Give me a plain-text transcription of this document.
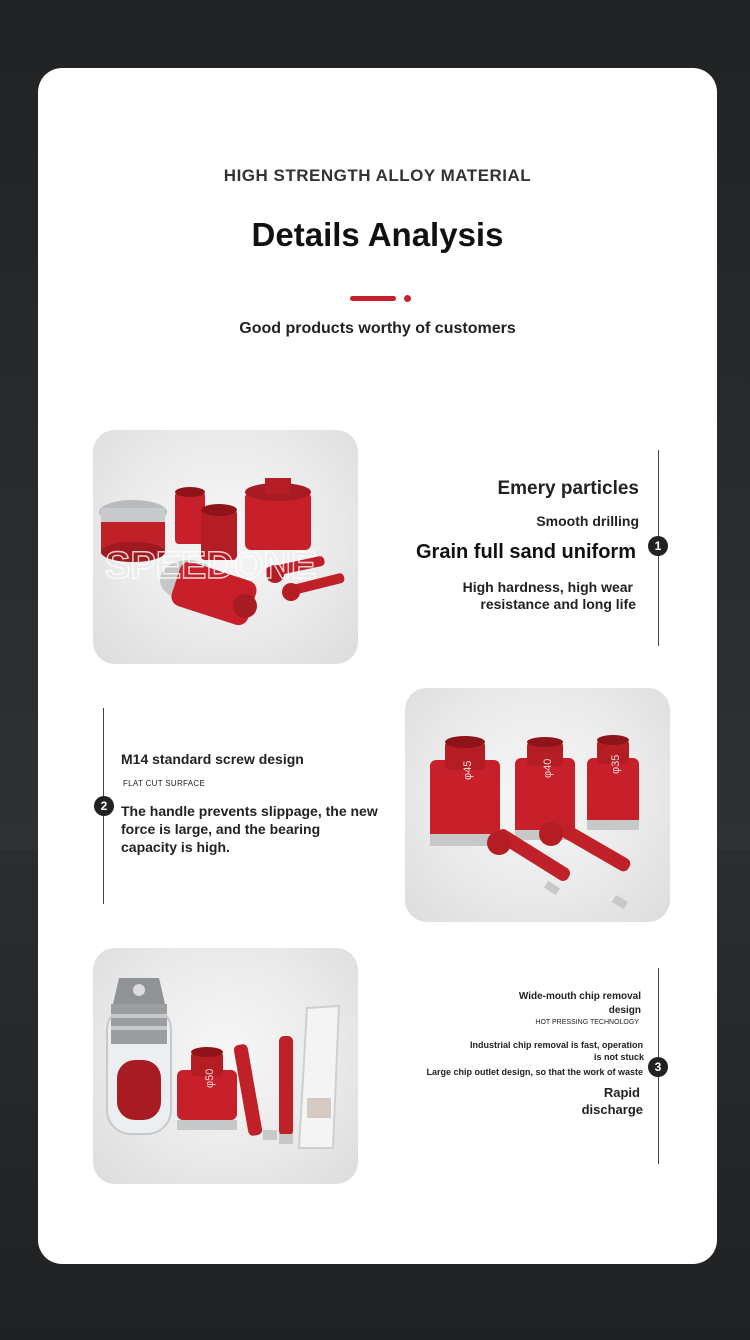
HIGH STRENGTH ALLOY MATERIAL
Details Analysis
Good products worthy of customers
SPEEDONE	1
Emery particles
Smooth drilling
Grain full sand uniform
High hardness, high wear
resistance and long life
2
M14 standard screw design
FLAT CUT SURFACE
The handle prevents slippage, the new
force is large, and the bearing
capacity is high.
φ45	φ40	φ35
φ50
3
Wide-mouth chip removal
design
HOT PRESSING TECHNOLOGY
Industrial chip removal is fast, operation
is not stuck
Large chip outlet design, so that the work of waste
Rapid
discharge
